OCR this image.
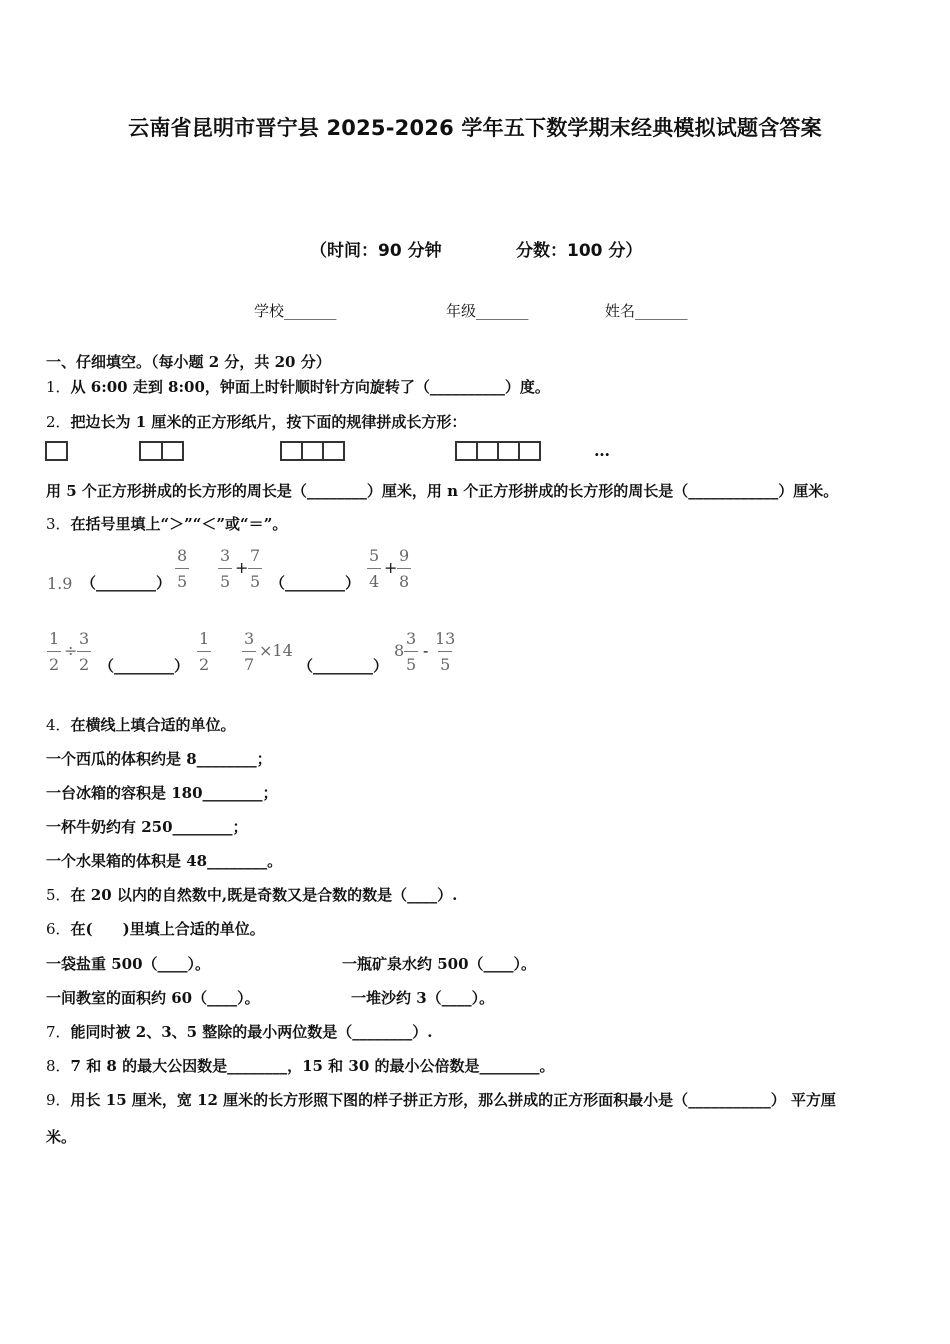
云南省昆明市晋宁县 2025-2026 学年五下数学期末经典模拟试题含答案
（时间：90 分钟	分数：100 分）
学校_______	年级_______	姓名_______
一、仔细填空。（每小题 2 分，共 20 分）
1．从 6:00 走到 8:00，钟面上时针顺时针方向旋转了（__________）度。
2．把边长为 1 厘米的正方形纸片，按下面的规律拼成长方形：
…
用 5 个正方形拼成的长方形的周长是（________）厘米，用 n 个正方形拼成的长方形的周长是（____________）厘米。
3．在括号里填上“＞”“＜”或“＝”。
1.9 （________） $\frac{8}{5} \frac{3}{5} + \frac{7}{5}$ （________） $\frac{5}{4} + \frac{9}{8}$
$\frac{1}{2} \div \frac{3}{2}$ （________） $\frac{1}{2} \frac{3}{7} \times 14$
（________）
$8 \frac{3}{5} - \frac{13}{5}$
4．在横线上填合适的单位。
一个西瓜的体积约是 8________；
一台冰箱的容积是 180________；
一杯牛奶约有 250________；
一个水果箱的体积是 48________。
5．在 20 以内的自然数中,既是奇数又是合数的数是（____）.
6．在(　　)里填上合适的单位。
一袋盐重 500（____）。	一瓶矿泉水约 500（____）。
一间教室的面积约 60（____）。	一堆沙约 3（____）。
7．能同时被 2、3、5 整除的最小两位数是（________）.
8．7 和 8 的最大公因数是________，15 和 30 的最小公倍数是________。
9．用长 15 厘米，宽 12 厘米的长方形照下图的样子拼正方形，那么拼成的正方形面积最小是（___________） 平方厘
米。
